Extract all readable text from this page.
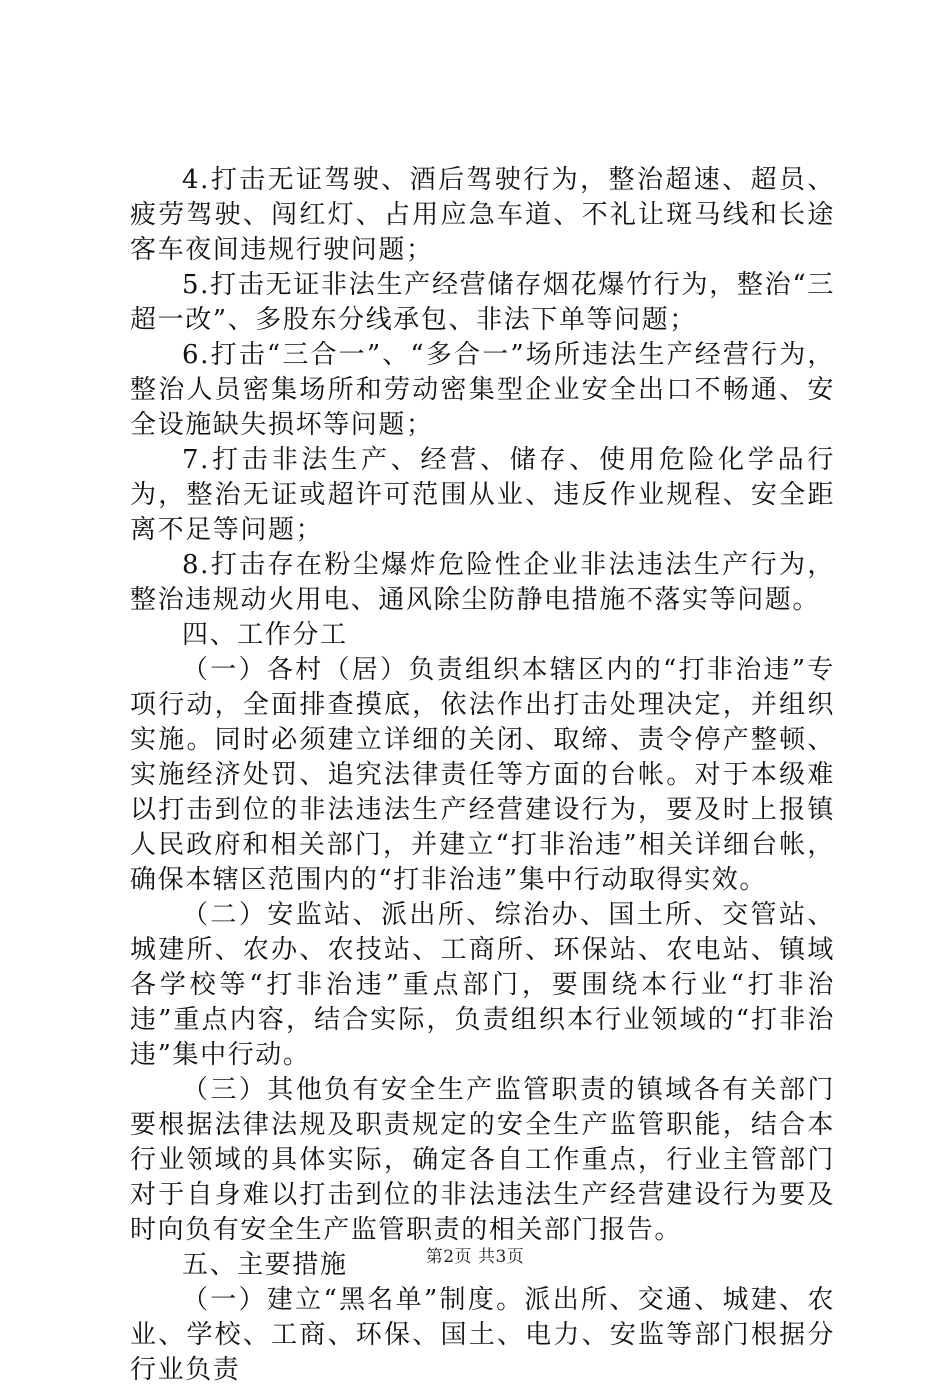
4.打击无证驾驶、酒后驾驶行为，整治超速、超员、疲劳驾驶、闯红灯、占用应急车道、不礼让斑马线和长途客车夜间违规行驶问题；

5.打击无证非法生产经营储存烟花爆竹行为，整治“三超一改”、多股东分线承包、非法下单等问题；

6.打击“三合一”、“多合一”场所违法生产经营行为，整治人员密集场所和劳动密集型企业安全出口不畅通、安全设施缺失损坏等问题；

7.打击非法生产、经营、储存、使用危险化学品行为，整治无证或超许可范围从业、违反作业规程、安全距离不足等问题；

8.打击存在粉尘爆炸危险性企业非法违法生产行为，整治违规动火用电、通风除尘防静电措施不落实等问题。

四、工作分工

（一）各村（居）负责组织本辖区内的“打非治违”专项行动，全面排查摸底，依法作出打击处理决定，并组织实施。同时必须建立详细的关闭、取缔、责令停产整顿、实施经济处罚、追究法律责任等方面的台帐。对于本级难以打击到位的非法违法生产经营建设行为，要及时上报镇人民政府和相关部门，并建立“打非治违”相关详细台帐，确保本辖区范围内的“打非治违”集中行动取得实效。

（二）安监站、派出所、综治办、国土所、交管站、城建所、农办、农技站、工商所、环保站、农电站、镇域各学校等“打非治违”重点部门，要围绕本行业“打非治违”重点内容，结合实际，负责组织本行业领域的“打非治违”集中行动。

（三）其他负有安全生产监管职责的镇域各有关部门要根据法律法规及职责规定的安全生产监管职能，结合本行业领域的具体实际，确定各自工作重点，行业主管部门对于自身难以打击到位的非法违法生产经营建设行为要及时向负有安全生产监管职责的相关部门报告。

五、主要措施

（一）建立“黑名单”制度。派出所、交通、城建、农业、学校、工商、环保、国土、电力、安监等部门根据分行业负责

第2页 共3页
